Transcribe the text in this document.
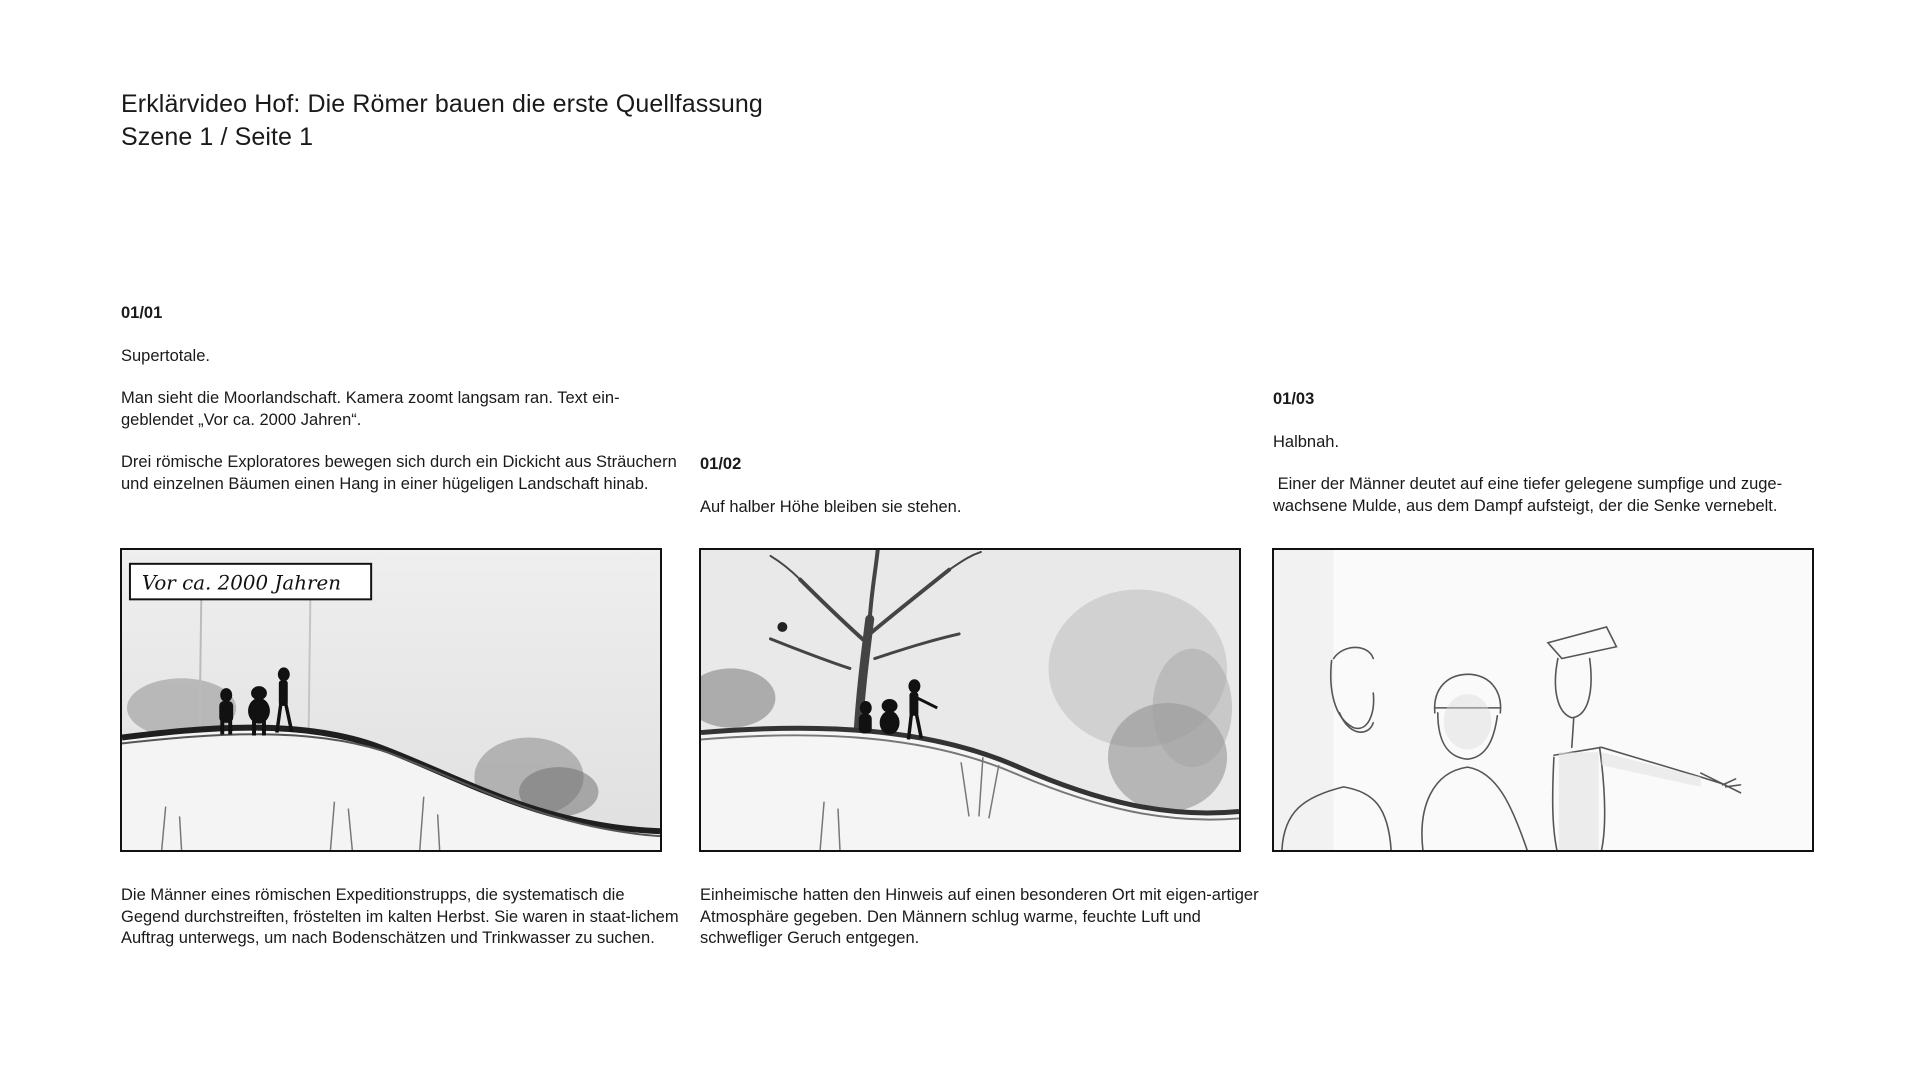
Erklärvideo Hof: Die Römer bauen die erste Quellfassung
Szene 1 / Seite 1

01/01

Supertotale.

Man sieht die Moorlandschaft. Kamera zoomt langsam ran. Text ein-geblendet „Vor ca. 2000 Jahren“.

Drei römische Exploratores bewegen sich durch ein Dickicht aus Sträuchern und einzelnen Bäumen einen Hang in einer hügeligen Landschaft hinab.

01/02

Auf halber Höhe bleiben sie stehen.

01/03

Halbnah.

Einer der Männer deutet auf eine tiefer gelegene sumpfige und zuge-wachsene Mulde, aus dem Dampf aufsteigt, der die Senke vernebelt.

Vor ca. 2000 Jahren
Die Männer eines römischen Expeditionstrupps, die systematisch die Gegend durchstreiften, fröstelten im kalten Herbst. Sie waren in staat-lichem Auftrag unterwegs, um nach Bodenschätzen und Trinkwasser zu suchen.
Einheimische hatten den Hinweis auf einen besonderen Ort mit eigen-artiger Atmosphäre gegeben. Den Männern schlug warme, feuchte Luft und schwefliger Geruch entgegen.
